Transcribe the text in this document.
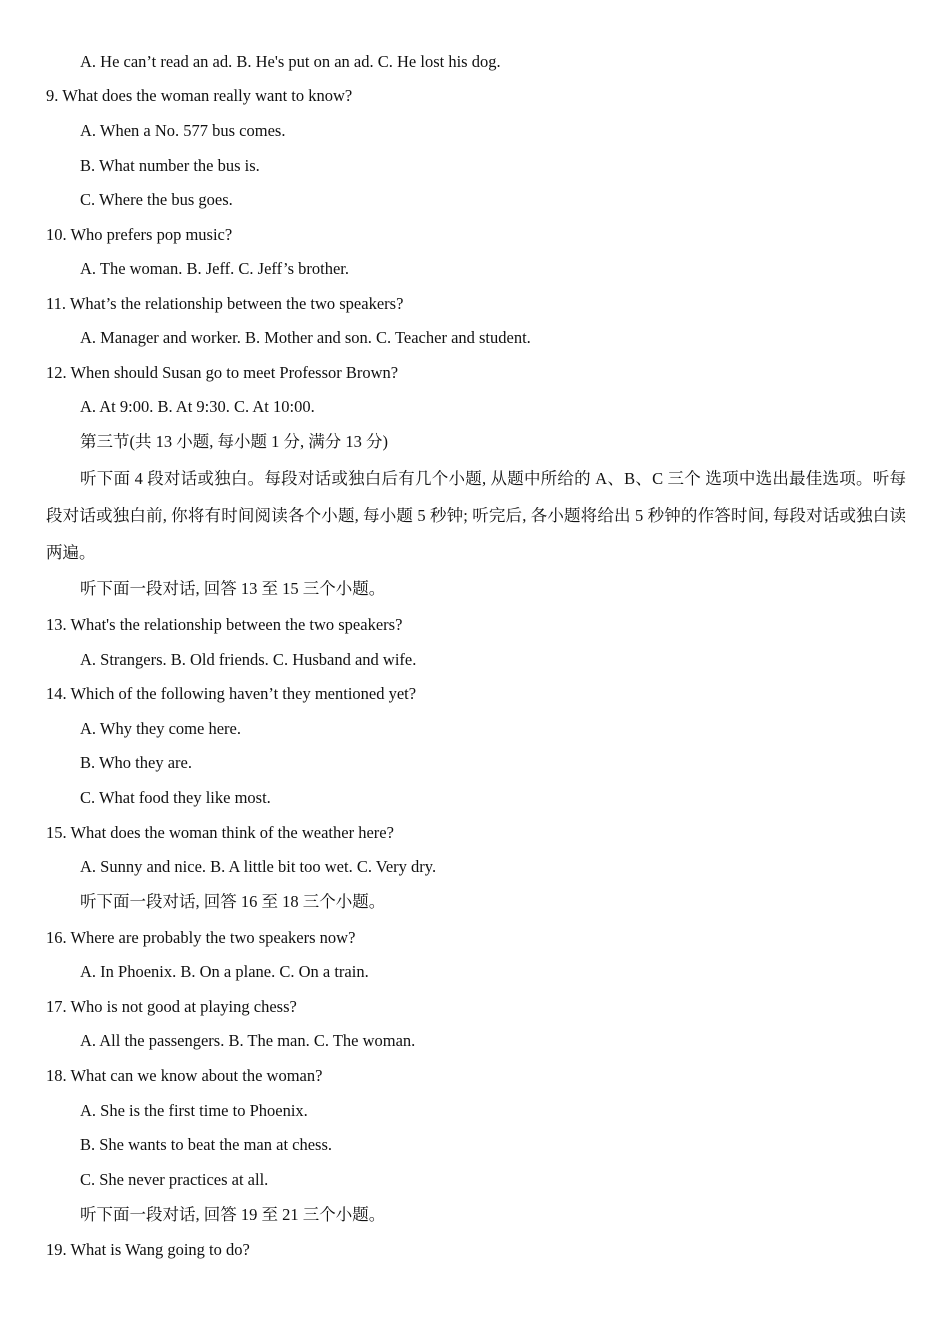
A. He can’t read an ad. B. He's put on an ad. C. He lost his dog.
9. What does the woman really want to know?
A. When a No. 577 bus comes.
B. What number the bus is.
C. Where the bus goes.
10. Who prefers pop music?
A. The woman. B. Jeff. C. Jeff’s brother.
11. What’s the relationship between the two speakers?
A. Manager and worker. B. Mother and son. C. Teacher and student.
12. When should Susan go to meet Professor Brown?
A. At 9:00. B. At 9:30. C. At 10:00.
第三节(共 13 小题, 每小题 1 分, 满分 13 分)
听下面 4 段对话或独白。每段对话或独白后有几个小题, 从题中所给的 A、B、C 三个 选项中选出最佳选项。听每段对话或独白前, 你将有时间阅读各个小题, 每小题 5 秒钟; 听完后, 各小题将给出 5 秒钟的作答时间, 每段对话或独白读两遍。
听下面一段对话, 回答 13 至 15 三个小题。
13. What's the relationship between the two speakers?
A. Strangers. B. Old friends. C. Husband and wife.
14. Which of the following haven’t they mentioned yet?
A. Why they come here.
B. Who they are.
C. What food they like most.
15. What does the woman think of the weather here?
A. Sunny and nice. B. A little bit too wet. C. Very dry.
听下面一段对话, 回答 16 至 18 三个小题。
16. Where are probably the two speakers now?
A. In Phoenix. B. On a plane. C. On a train.
17. Who is not good at playing chess?
A. All the passengers. B. The man. C. The woman.
18. What can we know about the woman?
A. She is the first time to Phoenix.
B. She wants to beat the man at chess.
C. She never practices at all.
听下面一段对话, 回答 19 至 21 三个小题。
19. What is Wang going to do?
